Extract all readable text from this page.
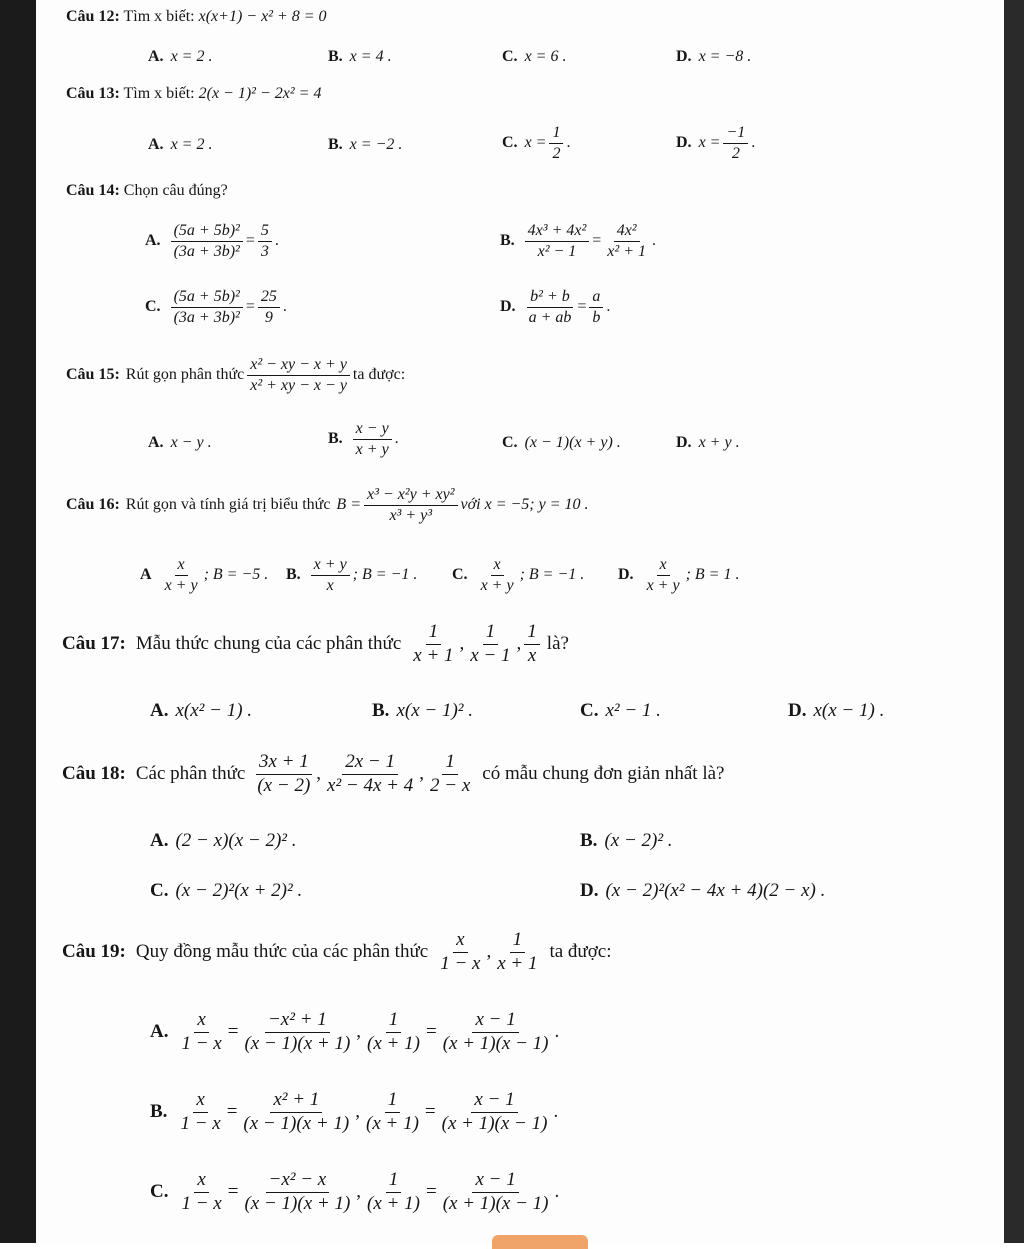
Câu 12: Tìm x biết: x(x+1) − x² + 8 = 0
A. x = 2 .	B. x = 4 .	C. x = 6 .	D. x = −8 .
Câu 13: Tìm x biết: 2(x − 1)² − 2x² = 4
A. x = 2 .	B. x = −2 .	C. $x = \frac{1}{2}$ .	D. $x = \frac{-1}{2}$ .
Câu 14: Chọn câu đúng?
A. $\frac{\text{(5a + 5b)²}}{\text{(3a + 3b)²}} = \frac{5}{3}$ .	B. $\frac{\text{4x³ + 4x²}}{\text{x² − 1}} = \frac{\text{4x²}}{\text{x² + 1}}$ .
C. $\frac{\text{(5a + 5b)²}}{\text{(3a + 3b)²}} = \frac{25}{9}$ .	D. $\frac{\text{b² + b}}{a + ab} = \frac{a}{b}$ .
Câu 15: Rút gọn phân thức $\frac{\text{x² − xy − x + y}}{\text{x² + xy − x − y}}$ ta được:
A. x − y .	B. $\frac{x - y}{x + y}$ .	C. (x − 1)(x + y) .	D. x + y .
Câu 16: Rút gọn và tính giá trị biểu thức $B = \frac{\text{x³ − x²y + xy²}}{\text{x³ + y³}}$ với x = −5; y = 10 .
A $\frac{x}{x + y}$ ; B = −5 . B. $\frac{x + y}{x}$ ; B = −1 . C. $\frac{x}{x + y}$ ; B = −1 . D. $\frac{x}{x + y}$ ; B = 1 .
Câu 17: Mẫu thức chung của các phân thức $\frac{1}{x + 1}$ , $\frac{1}{x - 1}$ , $\frac{1}{x}$ là?
A. x(x² − 1) .	B. x(x − 1)² .	C. x² − 1 .	D. x(x − 1) .
Câu 18: Các phân thức $\frac{3x + 1}{(x - 2)}$ , $\frac{2x - 1}{\text{x² − 4x + 4}}$ , $\frac{1}{2 - x}$ có mẫu chung đơn giản nhất là?
A. (2 − x)(x − 2)² .	B. (x − 2)² .
C. (x − 2)²(x + 2)² .	D. (x − 2)²(x² − 4x + 4)(2 − x) .
Câu 19: Quy đồng mẫu thức của các phân thức $\frac{x}{1 - x}$ , $\frac{1}{x + 1}$ ta được:
A. $\frac{x}{1 - x} = \frac{\text{−x² + 1}}{(x - 1)(x + 1)}$ , $\frac{1}{(x + 1)} = \frac{x - 1}{(x + 1)(x - 1)}$ .
B. $\frac{x}{1 - x} = \frac{\text{x² + 1}}{(x - 1)(x + 1)}$ , $\frac{1}{(x + 1)} = \frac{x - 1}{(x + 1)(x - 1)}$ .
C. $\frac{x}{1 - x} = \frac{\text{−x² − x}}{(x - 1)(x + 1)}$ , $\frac{1}{(x + 1)} = \frac{x - 1}{(x + 1)(x - 1)}$ .
